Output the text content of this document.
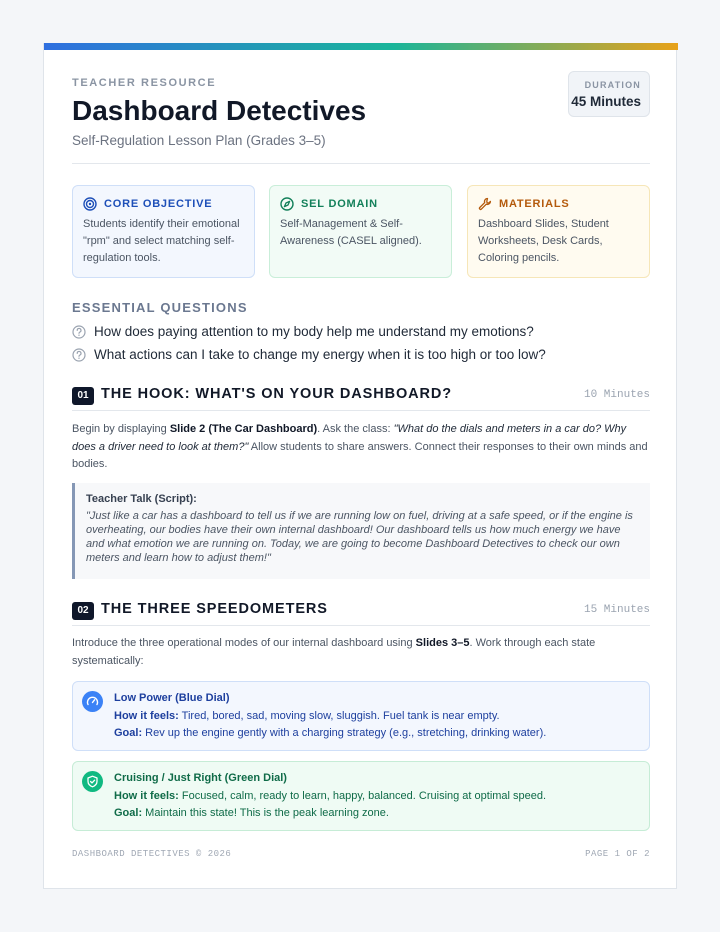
TEACHER RESOURCE
Dashboard Detectives
Self-Regulation Lesson Plan (Grades 3–5)
DURATION
45 Minutes
CORE OBJECTIVE
Students identify their emotional "rpm" and select matching self-regulation tools.
SEL DOMAIN
Self-Management & Self-Awareness (CASEL aligned).
MATERIALS
Dashboard Slides, Student Worksheets, Desk Cards, Coloring pencils.
ESSENTIAL QUESTIONS
How does paying attention to my body help me understand my emotions?
What actions can I take to change my energy when it is too high or too low?
01 THE HOOK: WHAT'S ON YOUR DASHBOARD?	10 Minutes
Begin by displaying Slide 2 (The Car Dashboard). Ask the class: "What do the dials and meters in a car do? Why does a driver need to look at them?" Allow students to share answers. Connect their responses to their own minds and bodies.
Teacher Talk (Script):
"Just like a car has a dashboard to tell us if we are running low on fuel, driving at a safe speed, or if the engine is overheating, our bodies have their own internal dashboard! Our dashboard tells us how much energy we have and what emotion we are running on. Today, we are going to become Dashboard Detectives to check our own meters and learn how to adjust them!"
02 THE THREE SPEEDOMETERS	15 Minutes
Introduce the three operational modes of our internal dashboard using Slides 3–5. Work through each state systematically:
Low Power (Blue Dial)
How it feels: Tired, bored, sad, moving slow, sluggish. Fuel tank is near empty.
Goal: Rev up the engine gently with a charging strategy (e.g., stretching, drinking water).
Cruising / Just Right (Green Dial)
How it feels: Focused, calm, ready to learn, happy, balanced. Cruising at optimal speed.
Goal: Maintain this state! This is the peak learning zone.
DASHBOARD DETECTIVES © 2026	PAGE 1 OF 2
